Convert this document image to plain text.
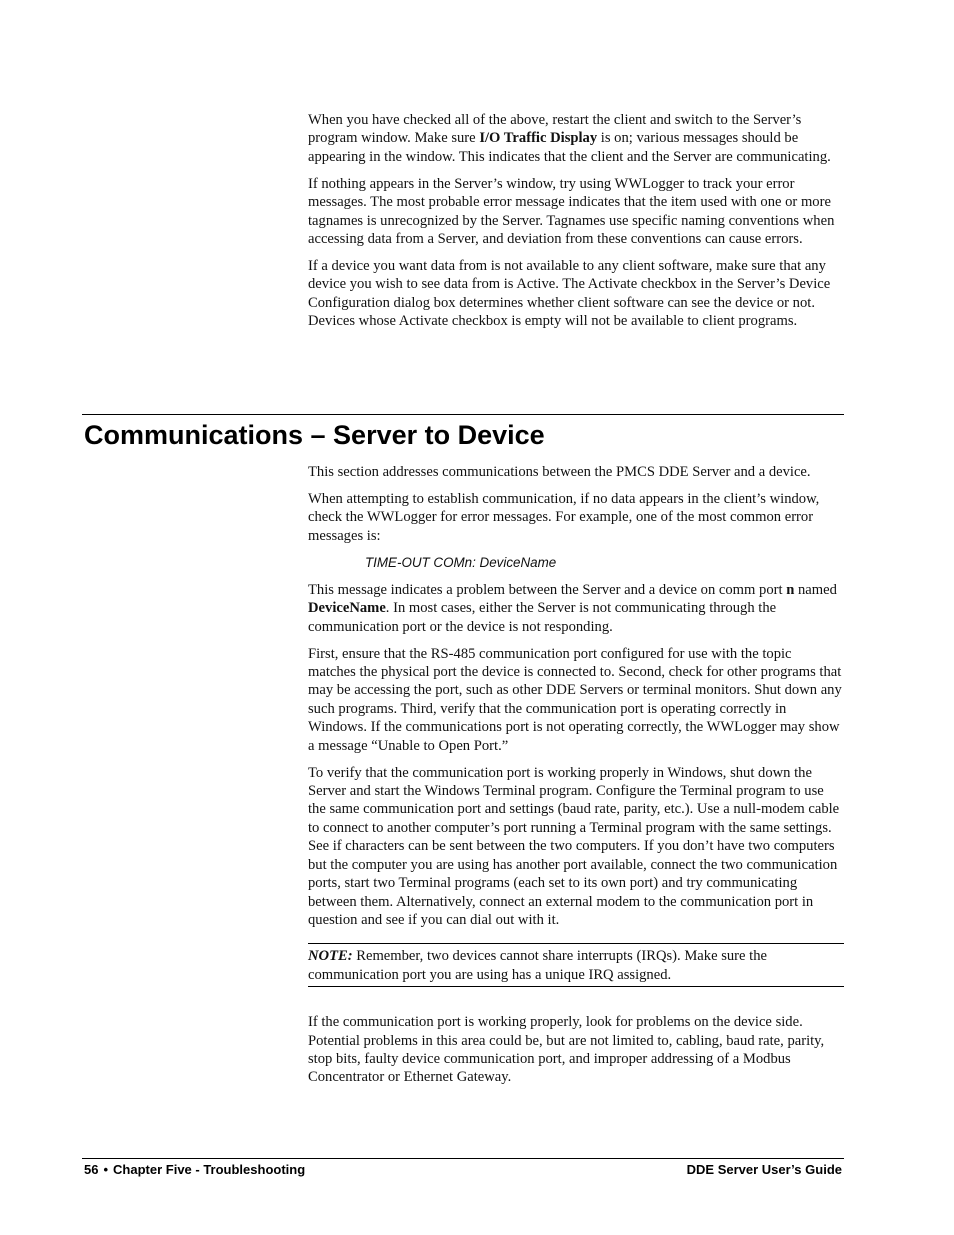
When you have checked all of the above, restart the client and switch to the Server’s program window. Make sure I/O Traffic Display is on; various messages should be appearing in the window. This indicates that the client and the Server are communicating.

If nothing appears in the Server’s window, try using WWLogger to track your error messages. The most probable error message indicates that the item used with one or more tagnames is unrecognized by the Server. Tagnames use specific naming conventions when accessing data from a Server, and deviation from these conventions can cause errors.

If a device you want data from is not available to any client software, make sure that any device you wish to see data from is Active. The Activate checkbox in the Server’s Device Configuration dialog box determines whether client software can see the device or not. Devices whose Activate checkbox is empty will not be available to client programs.

Communications – Server to Device

This section addresses communications between the PMCS DDE Server and a device.

When attempting to establish communication, if no data appears in the client’s window, check the WWLogger for error messages. For example, one of the most common error messages is:

TIME-OUT COMn: DeviceName

This message indicates a problem between the Server and a device on comm port n named DeviceName. In most cases, either the Server is not communicating through the communication port or the device is not responding.

First, ensure that the RS-485 communication port configured for use with the topic matches the physical port the device is connected to. Second, check for other programs that may be accessing the port, such as other DDE Servers or terminal monitors. Shut down any such programs. Third, verify that the communication port is operating correctly in Windows. If the communications port is not operating correctly, the WWLogger may show a message “Unable to Open Port.”

To verify that the communication port is working properly in Windows, shut down the Server and start the Windows Terminal program. Configure the Terminal program to use the same communication port and settings (baud rate, parity, etc.). Use a null-modem cable to connect to another computer’s port running a Terminal program with the same settings. See if characters can be sent between the two computers. If you don’t have two computers but the computer you are using has another port available, connect the two communication ports, start two Terminal programs (each set to its own port) and try communicating between them. Alternatively, connect an external modem to the communication port in question and see if you can dial out with it.

NOTE: Remember, two devices cannot share interrupts (IRQs). Make sure the communication port you are using has a unique IRQ assigned.

If the communication port is working properly, look for problems on the device side. Potential problems in this area could be, but are not limited to, cabling, baud rate, parity, stop bits, faulty device communication port, and improper addressing of a Modbus Concentrator or Ethernet Gateway.

56 • Chapter Five - Troubleshooting	DDE Server User’s Guide
